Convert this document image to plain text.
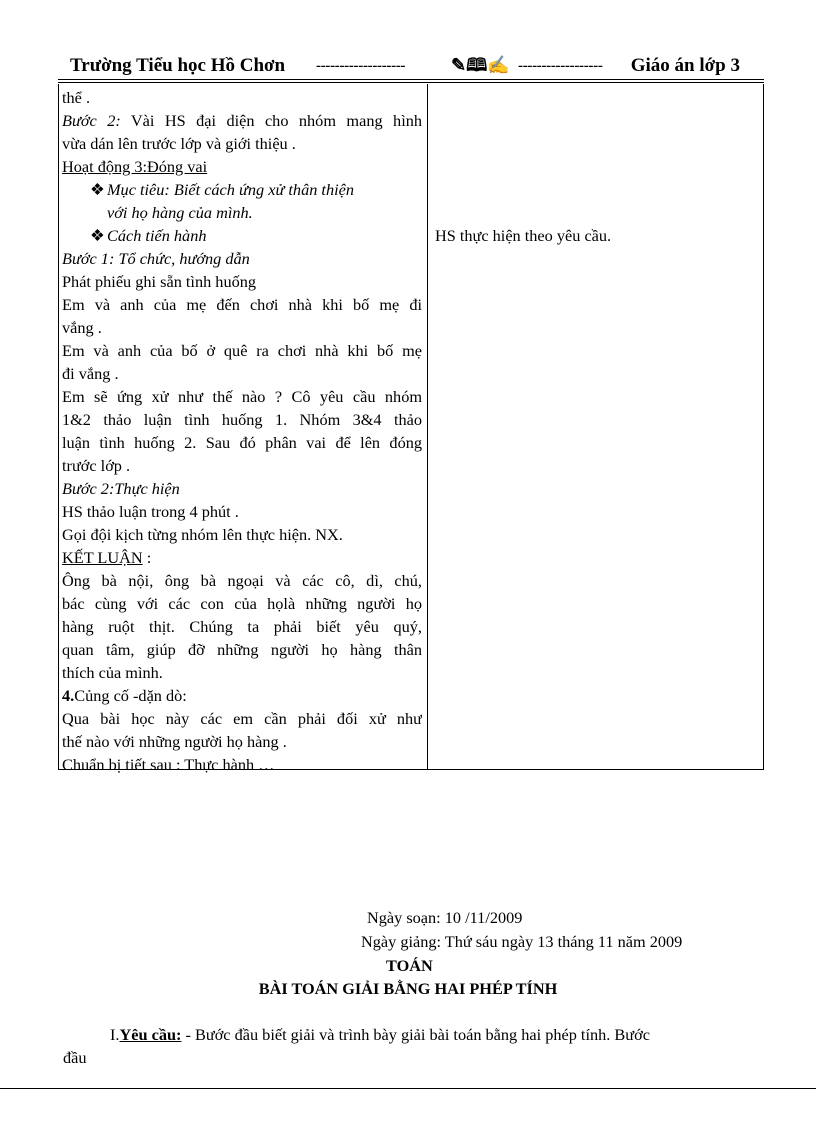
Trường Tiểu học Hồ Chơn -------------------	✎🕮✍ ------------------ Giáo án lớp 3
thể .
Bước 2: Vài HS đại diện cho nhóm mang hình
vừa dán lên trước lớp và giới thiệu .
Hoạt động 3:Đóng vai
❖ Mục tiêu: Biết cách ứng xử thân thiện
với họ hàng của mình.
❖ Cách tiến hành
Bước 1: Tổ chức, hướng dẫn
Phát phiếu ghi sẵn tình huống
Em và anh của mẹ đến chơi nhà khi bố mẹ đi
vắng .
Em và anh của bố ở quê ra chơi nhà khi bố mẹ
đi vắng .
Em sẽ ứng xử như thế nào ? Cô yêu cầu nhóm
1&2 thảo luận tình huống 1. Nhóm 3&4 thảo
luận tình huống 2. Sau đó phân vai để lên đóng
trước lớp .
Bước 2:Thực hiện
HS thảo luận trong 4 phút .
Gọi đội kịch từng nhóm lên thực hiện. NX.
KẾT LUẬN :
Ông bà nội, ông bà ngoại và các cô, dì, chú,
bác cùng với các con của họlà những người họ
hàng ruột thịt. Chúng ta phải biết yêu quý,
quan tâm, giúp đỡ những người họ hàng thân
thích của mình.
4.Củng cố -dặn dò:
Qua bài học này các em cần phải đối xử như
thế nào với những người họ hàng .
Chuẩn bị tiết sau : Thực hành …
HS thực hiện theo yêu cầu.
Ngày soạn: 10 /11/2009
Ngày giảng: Thứ sáu ngày 13 tháng 11 năm 2009
TOÁN
BÀI TOÁN GIẢI BẰNG HAI PHÉP TÍNH
I.Yêu cầu: - Bước đầu biết giải và trình bày giải bài toán bằng hai phép tính. Bước
đầu
